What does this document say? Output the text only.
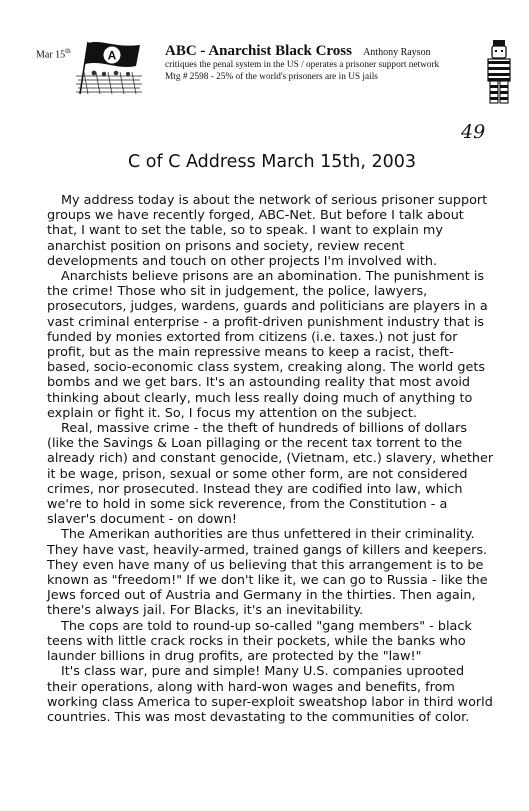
Mar 15th	A	ABC - Anarchist Black Cross Anthony Rayson
critiques the penal system in the US / operates a prisoner support network
Mtg # 2598 - 25% of the world's prisoners are in US jails
49
C of C Address March 15th, 2003

My address today is about the network of serious prisoner support groups we have recently forged, ABC-Net. But before I talk about that, I want to set the table, so to speak. I want to explain my anarchist position on prisons and society, review recent developments and touch on other projects I'm involved with.

Anarchists believe prisons are an abomination. The punishment is the crime! Those who sit in judgement, the police, lawyers, prosecutors, judges, wardens, guards and politicians are players in a vast criminal enterprise - a profit-driven punishment industry that is funded by monies extorted from citizens (i.e. taxes.) not just for profit, but as the main repressive means to keep a racist, theft-based, socio-economic class system, creaking along. The world gets bombs and we get bars. It's an astounding reality that most avoid thinking about clearly, much less really doing much of anything to explain or fight it. So, I focus my attention on the subject.

Real, massive crime - the theft of hundreds of billions of dollars (like the Savings & Loan pillaging or the recent tax torrent to the already rich) and constant genocide, (Vietnam, etc.) slavery, whether it be wage, prison, sexual or some other form, are not considered crimes, nor prosecuted. Instead they are codified into law, which we're to hold in some sick reverence, from the Constitution - a slaver's document - on down!

The Amerikan authorities are thus unfettered in their criminality. They have vast, heavily-armed, trained gangs of killers and keepers. They even have many of us believing that this arrangement is to be known as "freedom!" If we don't like it, we can go to Russia - like the Jews forced out of Austria and Germany in the thirties. Then again, there's always jail. For Blacks, it's an inevitability.

The cops are told to round-up so-called "gang members" - black teens with little crack rocks in their pockets, while the banks who launder billions in drug profits, are protected by the "law!"

It's class war, pure and simple! Many U.S. companies uprooted their operations, along with hard-won wages and benefits, from working class America to super-exploit sweatshop labor in third world countries. This was most devastating to the communities of color.
